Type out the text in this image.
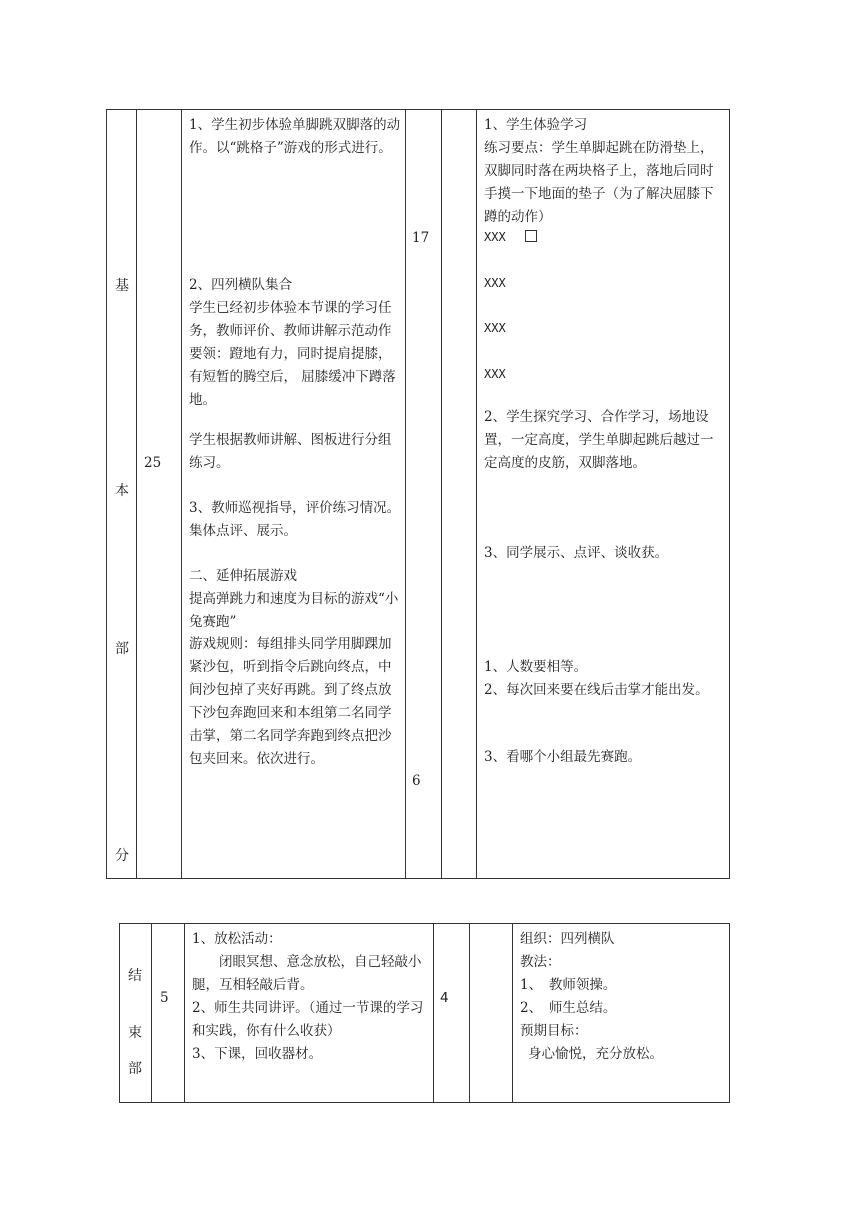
基
本
部
分
25
1、学生初步体验单脚跳双脚落的动作。以“跳格子”游戏的形式进行。
2、四列横队集合
学生已经初步体验本节课的学习任务，教师评价、教师讲解示范动作要领：蹬地有力，同时提肩提膝，有短暂的腾空后， 屈膝缓冲下蹲落地。
学生根据教师讲解、图板进行分组练习。
3、教师巡视指导，评价练习情况。集体点评、展示。
二、延伸拓展游戏
提高弹跳力和速度为目标的游戏“小兔赛跑”
游戏规则：每组排头同学用脚踝加紧沙包，听到指令后跳向终点，中间沙包掉了夹好再跳。到了终点放下沙包奔跑回来和本组第二名同学击掌，第二名同学奔跑到终点把沙包夹回来。依次进行。
17
6
1、学生体验学习
练习要点：学生单脚起跳在防滑垫上，双脚同时落在两块格子上，落地后同时手摸一下地面的垫子（为了解决屈膝下蹲的动作）
XXX
XXX
XXX
XXX
2、学生探究学习、合作学习，场地设置，一定高度，学生单脚起跳后越过一定高度的皮筋，双脚落地。
3、同学展示、点评、谈收获。
1、人数要相等。
2、每次回来要在线后击掌才能出发。
3、看哪个小组最先赛跑。
结
束
部
5
1、放松活动：
闭眼冥想、意念放松，自己轻敲小腿，互相轻敲后背。
2、师生共同讲评。（通过一节课的学习和实践，你有什么收获）
3、下课，回收器材。
4
组织：四列横队
教法：
1、　教师领操。
2、　师生总结。
预期目标：
身心愉悦，充分放松。
